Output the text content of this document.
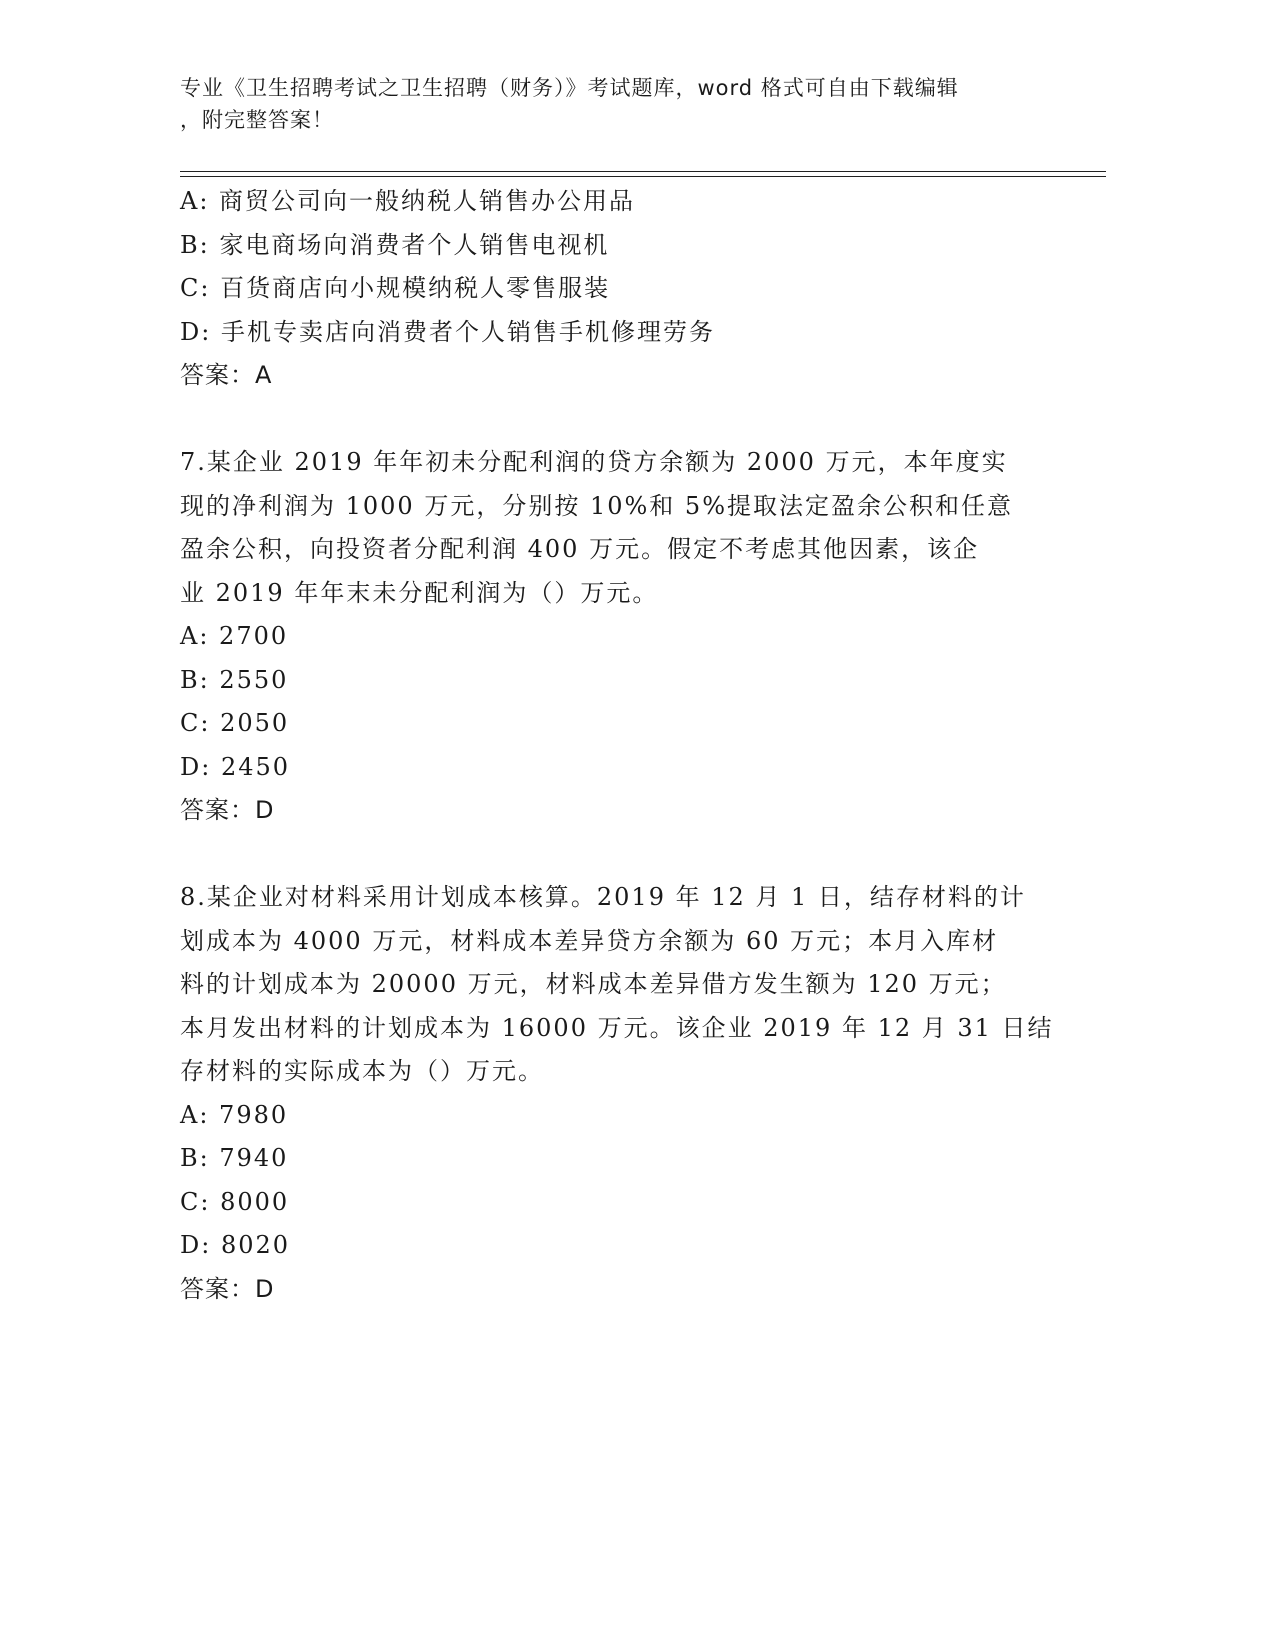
专业《卫生招聘考试之卫生招聘（财务）》考试题库，word 格式可自由下载编辑
，附完整答案！
A: 商贸公司向一般纳税人销售办公用品
B: 家电商场向消费者个人销售电视机
C: 百货商店向小规模纳税人零售服装
D: 手机专卖店向消费者个人销售手机修理劳务
答案：A
7.某企业 2019 年年初未分配利润的贷方余额为 2000 万元，本年度实
现的净利润为 1000 万元，分别按 10%和 5%提取法定盈余公积和任意
盈余公积，向投资者分配利润 400 万元。假定不考虑其他因素，该企
业 2019 年年末未分配利润为（）万元。
A: 2700
B: 2550
C: 2050
D: 2450
答案：D
8.某企业对材料采用计划成本核算。2019 年 12 月 1 日，结存材料的计
划成本为 4000 万元，材料成本差异贷方余额为 60 万元；本月入库材
料的计划成本为 20000 万元，材料成本差异借方发生额为 120 万元；
本月发出材料的计划成本为 16000 万元。该企业 2019 年 12 月 31 日结
存材料的实际成本为（）万元。
A: 7980
B: 7940
C: 8000
D: 8020
答案：D
